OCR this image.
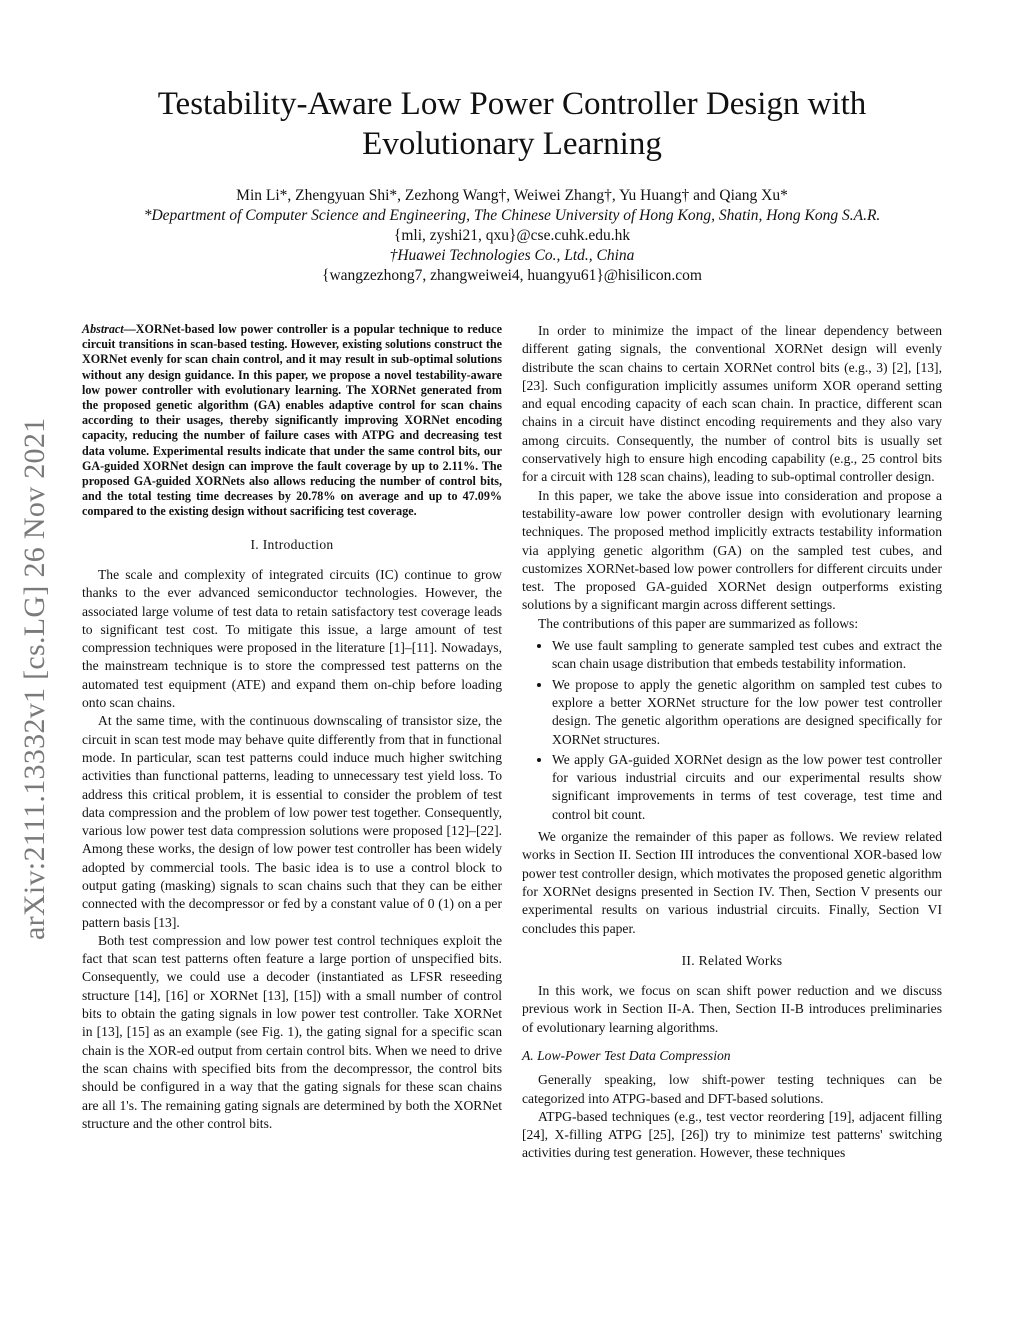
arXiv:2111.13332v1 [cs.LG] 26 Nov 2021
Testability-Aware Low Power Controller Design with Evolutionary Learning
Min Li*, Zhengyuan Shi*, Zezhong Wang†, Weiwei Zhang†, Yu Huang† and Qiang Xu*
*Department of Computer Science and Engineering, The Chinese University of Hong Kong, Shatin, Hong Kong S.A.R.
{mli, zyshi21, qxu}@cse.cuhk.edu.hk
†Huawei Technologies Co., Ltd., China
{wangzezhong7, zhangweiwei4, huangyu61}@hisilicon.com
Abstract—XORNet-based low power controller is a popular technique to reduce circuit transitions in scan-based testing. However, existing solutions construct the XORNet evenly for scan chain control, and it may result in sub-optimal solutions without any design guidance. In this paper, we propose a novel testability-aware low power controller with evolutionary learning. The XORNet generated from the proposed genetic algorithm (GA) enables adaptive control for scan chains according to their usages, thereby significantly improving XORNet encoding capacity, reducing the number of failure cases with ATPG and decreasing test data volume. Experimental results indicate that under the same control bits, our GA-guided XORNet design can improve the fault coverage by up to 2.11%. The proposed GA-guided XORNets also allows reducing the number of control bits, and the total testing time decreases by 20.78% on average and up to 47.09% compared to the existing design without sacrificing test coverage.
I. Introduction

The scale and complexity of integrated circuits (IC) continue to grow thanks to the ever advanced semiconductor technologies. However, the associated large volume of test data to retain satisfactory test coverage leads to significant test cost. To mitigate this issue, a large amount of test compression techniques were proposed in the literature [1]–[11]. Nowadays, the mainstream technique is to store the compressed test patterns on the automated test equipment (ATE) and expand them on-chip before loading onto scan chains.

At the same time, with the continuous downscaling of transistor size, the circuit in scan test mode may behave quite differently from that in functional mode. In particular, scan test patterns could induce much higher switching activities than functional patterns, leading to unnecessary test yield loss. To address this critical problem, it is essential to consider the problem of test data compression and the problem of low power test together. Consequently, various low power test data compression solutions were proposed [12]–[22]. Among these works, the design of low power test controller has been widely adopted by commercial tools. The basic idea is to use a control block to output gating (masking) signals to scan chains such that they can be either connected with the decompressor or fed by a constant value of 0 (1) on a per pattern basis [13].

Both test compression and low power test control techniques exploit the fact that scan test patterns often feature a large portion of unspecified bits. Consequently, we could use a decoder (instantiated as LFSR reseeding structure [14], [16] or XORNet [13], [15]) with a small number of control bits to obtain the gating signals in low power test controller. Take XORNet in [13], [15] as an example (see Fig. 1), the gating signal for a specific scan chain is the XOR-ed output from certain control bits. When we need to drive the scan chains with specified bits from the decompressor, the control bits should be configured in a way that the gating signals for these scan chains are all 1's. The remaining gating signals are determined by both the XORNet structure and the other control bits.

In order to minimize the impact of the linear dependency between different gating signals, the conventional XORNet design will evenly distribute the scan chains to certain XORNet control bits (e.g., 3) [2], [13], [23]. Such configuration implicitly assumes uniform XOR operand setting and equal encoding capacity of each scan chain. In practice, different scan chains in a circuit have distinct encoding requirements and they also vary among circuits. Consequently, the number of control bits is usually set conservatively high to ensure high encoding capability (e.g., 25 control bits for a circuit with 128 scan chains), leading to sub-optimal controller design.

In this paper, we take the above issue into consideration and propose a testability-aware low power controller design with evolutionary learning techniques. The proposed method implicitly extracts testability information via applying genetic algorithm (GA) on the sampled test cubes, and customizes XORNet-based low power controllers for different circuits under test. The proposed GA-guided XORNet design outperforms existing solutions by a significant margin across different settings.

The contributions of this paper are summarized as follows:

• We use fault sampling to generate sampled test cubes and extract the scan chain usage distribution that embeds testability information.
• We propose to apply the genetic algorithm on sampled test cubes to explore a better XORNet structure for the low power test controller design. The genetic algorithm operations are designed specifically for XORNet structures.
• We apply GA-guided XORNet design as the low power test controller for various industrial circuits and our experimental results show significant improvements in terms of test coverage, test time and control bit count.

We organize the remainder of this paper as follows. We review related works in Section II. Section III introduces the conventional XOR-based low power test controller design, which motivates the proposed genetic algorithm for XORNet designs presented in Section IV. Then, Section V presents our experimental results on various industrial circuits. Finally, Section VI concludes this paper.

II. Related Works

In this work, we focus on scan shift power reduction and we discuss previous work in Section II-A. Then, Section II-B introduces preliminaries of evolutionary learning algorithms.

A. Low-Power Test Data Compression

Generally speaking, low shift-power testing techniques can be categorized into ATPG-based and DFT-based solutions.

ATPG-based techniques (e.g., test vector reordering [19], adjacent filling [24], X-filling ATPG [25], [26]) try to minimize test patterns' switching activities during test generation. However, these techniques
